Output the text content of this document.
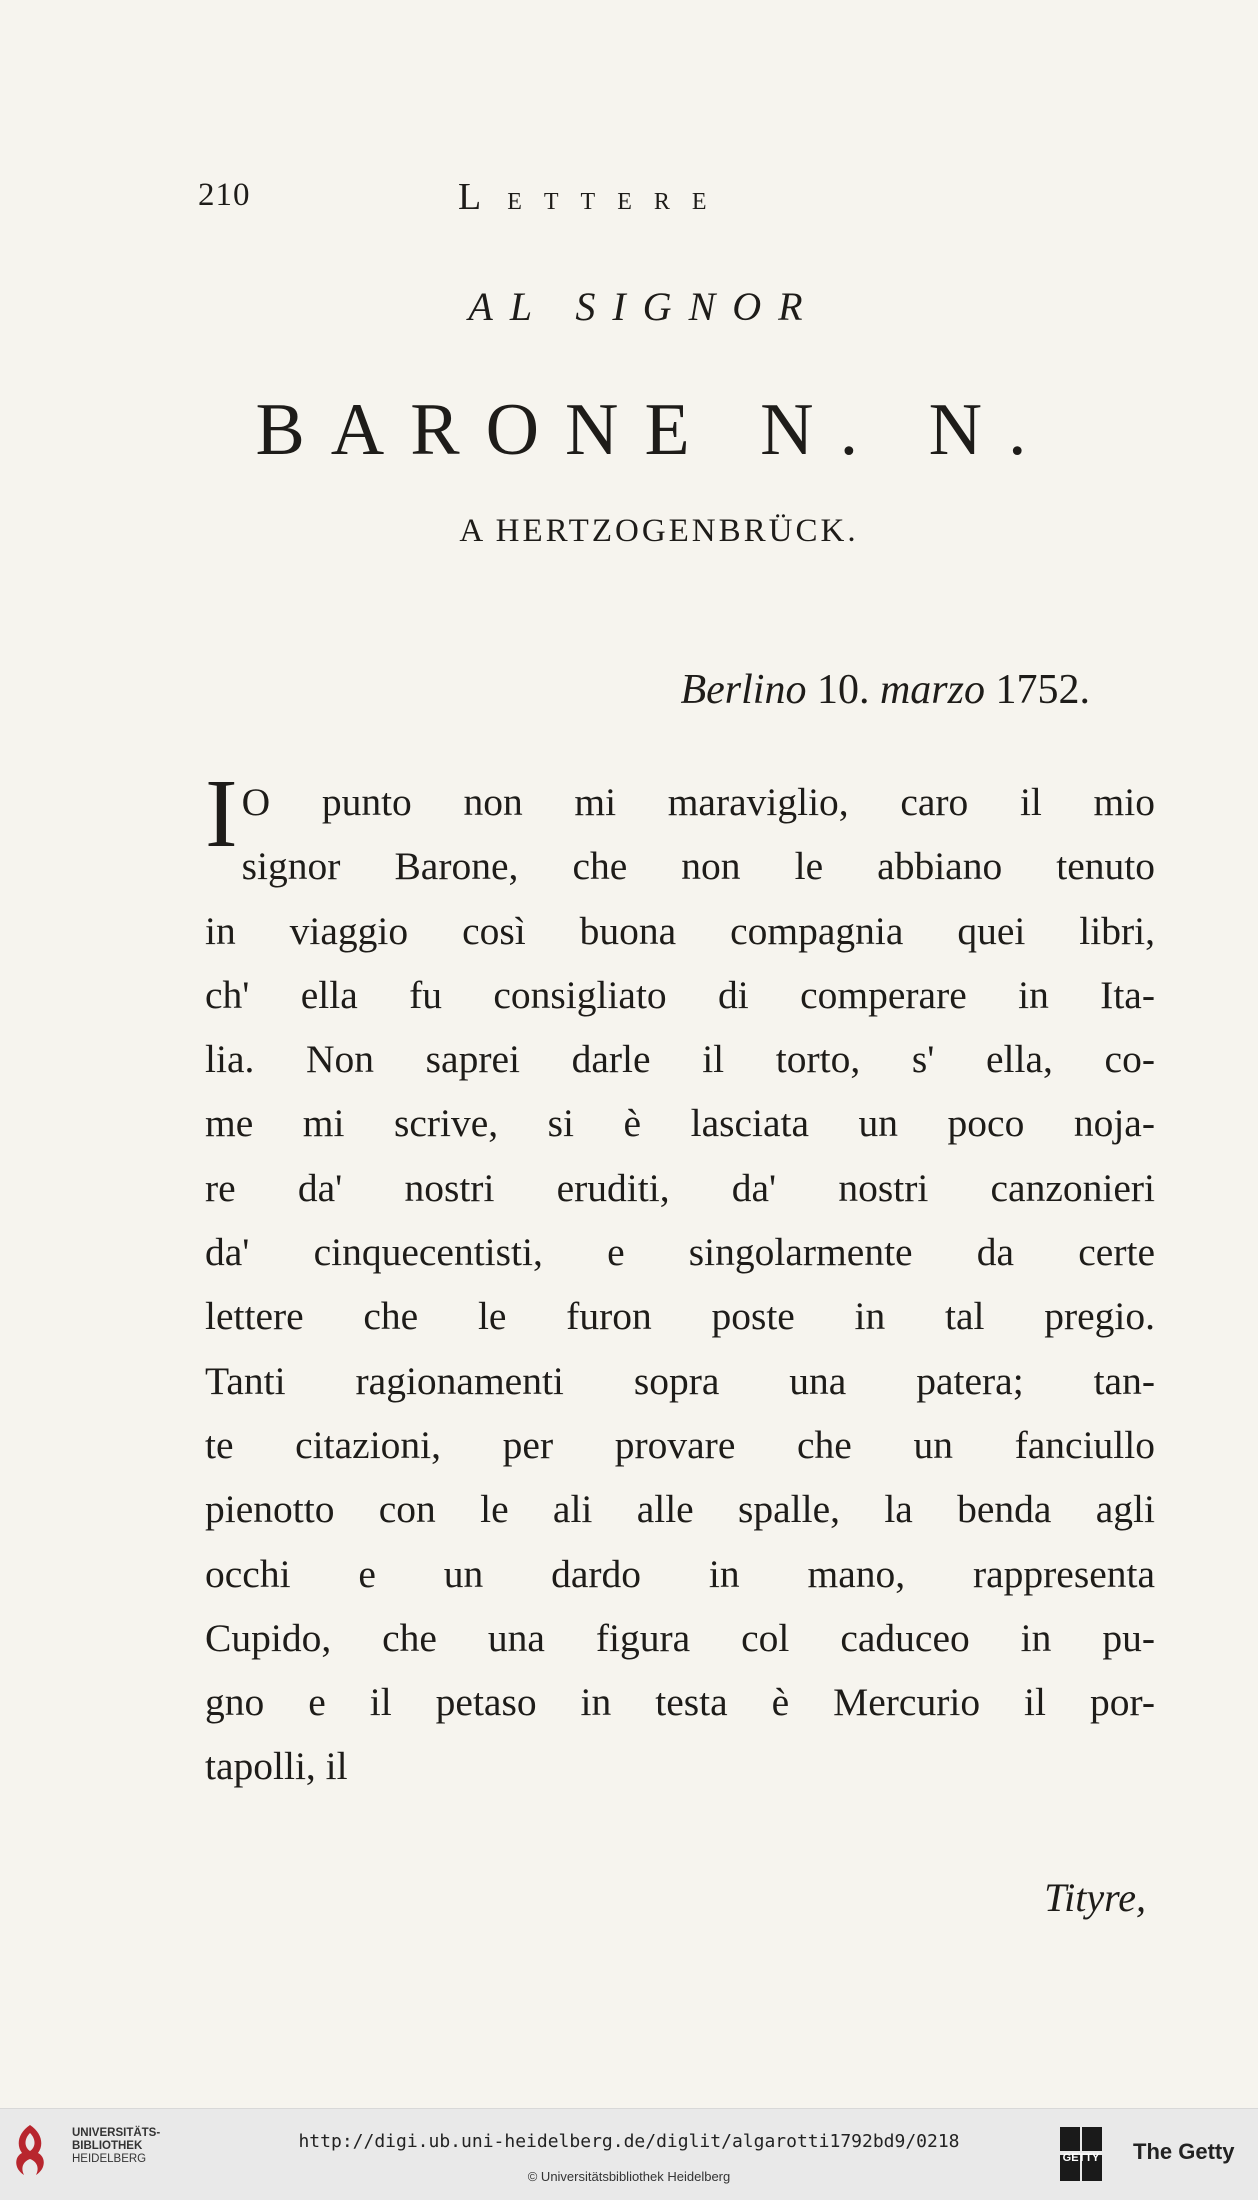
210	LETTERE
AL SIGNOR
BARONE N. N.
A HERTZOGENBRÜCK.
Berlino 10. marzo 1752.
I O punto non mi maraviglio, caro il mio
signor Barone, che non le abbiano tenuto
in viaggio così buona compagnia quei libri,
ch' ella fu consigliato di comperare in Ita-
lia. Non saprei darle il torto, s' ella, co-
me mi scrive, si è lasciata un poco noja-
re da' nostri eruditi, da' nostri canzonieri
da' cinquecentisti, e singolarmente da certe
lettere che le furon poste in tal pregio.
Tanti ragionamenti sopra una patera; tan-
te citazioni, per provare che un fanciullo
pienotto con le ali alle spalle, la benda agli
occhi e un dardo in mano, rappresenta
Cupido, che una figura col caduceo in pu-
gno e il petaso in testa è Mercurio il por-
tapolli, il
Tityre,
UNIVERSITÄTS-
BIBLIOTHEK
HEIDELBERG
http://digi.ub.uni-heidelberg.de/diglit/algarotti1792bd9/0218
© Universitätsbibliothek Heidelberg
GETTY The Getty
